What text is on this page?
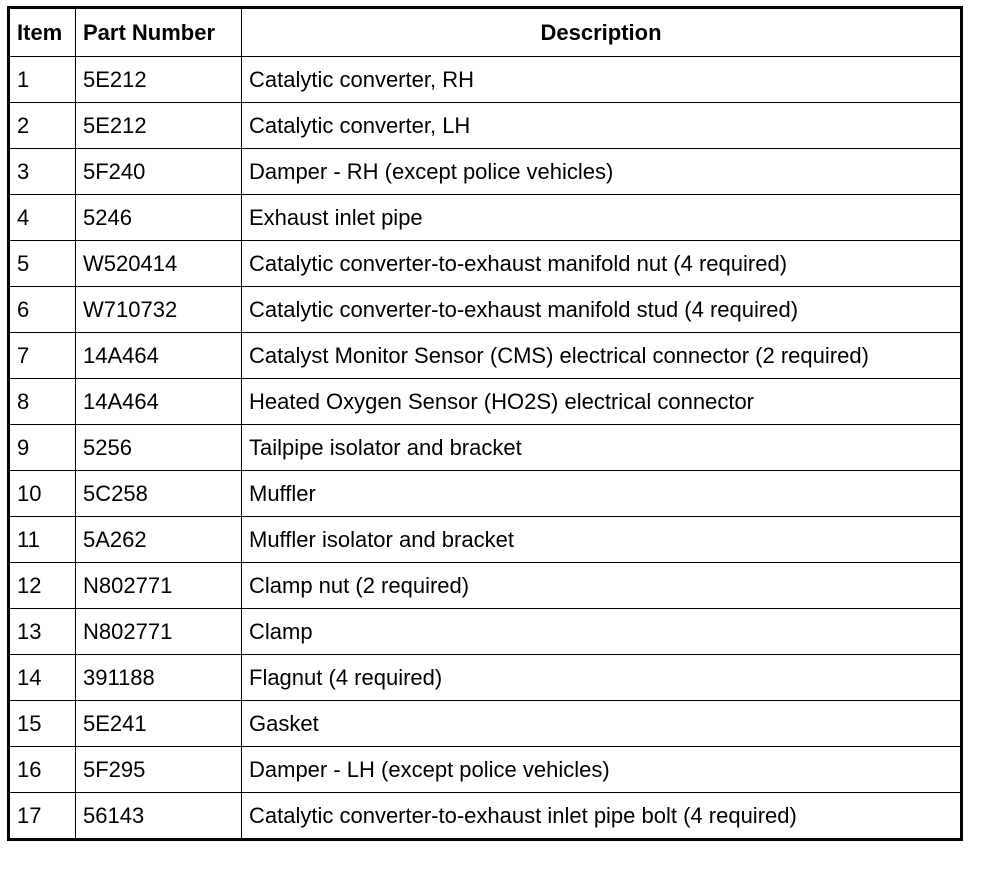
Item	Part Number	Description
1	5E212	Catalytic converter, RH
2	5E212	Catalytic converter, LH
3	5F240	Damper - RH (except police vehicles)
4	5246	Exhaust inlet pipe
5	W520414	Catalytic converter-to-exhaust manifold nut (4 required)
6	W710732	Catalytic converter-to-exhaust manifold stud (4 required)
7	14A464	Catalyst Monitor Sensor (CMS) electrical connector (2 required)
8	14A464	Heated Oxygen Sensor (HO2S) electrical connector
9	5256	Tailpipe isolator and bracket
10	5C258	Muffler
11	5A262	Muffler isolator and bracket
12	N802771	Clamp nut (2 required)
13	N802771	Clamp
14	391188	Flagnut (4 required)
15	5E241	Gasket
16	5F295	Damper - LH (except police vehicles)
17	56143	Catalytic converter-to-exhaust inlet pipe bolt (4 required)
